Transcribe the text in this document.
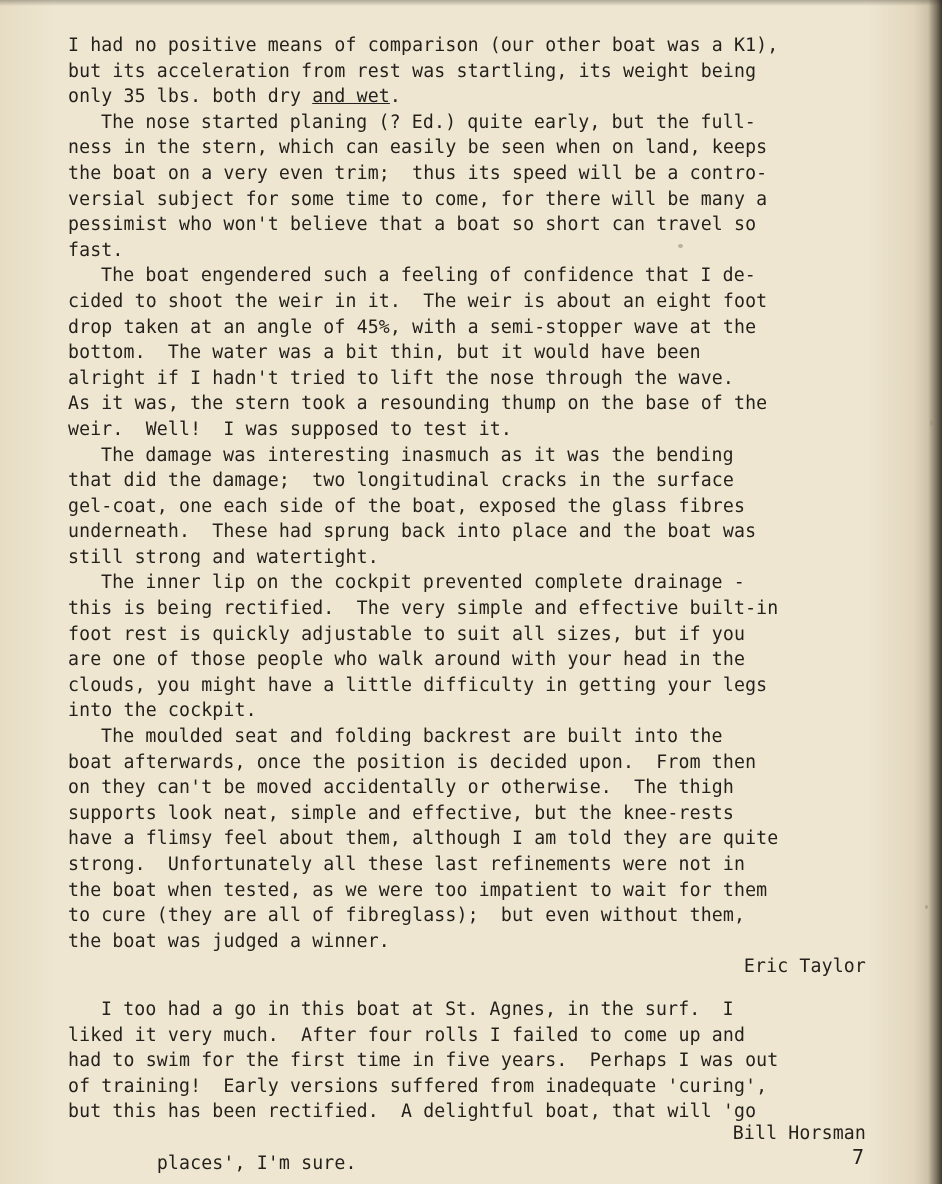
I had no positive means of comparison (our other boat was a K1),
but its acceleration from rest was startling, its weight being
only 35 lbs. both dry and wet.
The nose started planing (? Ed.) quite early, but the full-
ness in the stern, which can easily be seen when on land, keeps
the boat on a very even trim;  thus its speed will be a contro-
versial subject for some time to come, for there will be many a
pessimist who won't believe that a boat so short can travel so
fast.
The boat engendered such a feeling of confidence that I de-
cided to shoot the weir in it.  The weir is about an eight foot
drop taken at an angle of 45%, with a semi-stopper wave at the
bottom.  The water was a bit thin, but it would have been
alright if I hadn't tried to lift the nose through the wave.
As it was, the stern took a resounding thump on the base of the
weir.  Well!  I was supposed to test it.
The damage was interesting inasmuch as it was the bending
that did the damage;  two longitudinal cracks in the surface
gel-coat, one each side of the boat, exposed the glass fibres
underneath.  These had sprung back into place and the boat was
still strong and watertight.
The inner lip on the cockpit prevented complete drainage -
this is being rectified.  The very simple and effective built-in
foot rest is quickly adjustable to suit all sizes, but if you
are one of those people who walk around with your head in the
clouds, you might have a little difficulty in getting your legs
into the cockpit.
The moulded seat and folding backrest are built into the
boat afterwards, once the position is decided upon.  From then
on they can't be moved accidentally or otherwise.  The thigh
supports look neat, simple and effective, but the knee-rests
have a flimsy feel about them, although I am told they are quite
strong.  Unfortunately all these last refinements were not in
the boat when tested, as we were too impatient to wait for them
to cure (they are all of fibreglass);  but even without them,
the boat was judged a winner.
Eric Taylor
I too had a go in this boat at St. Agnes, in the surf.  I
liked it very much.  After four rolls I failed to come up and
had to swim for the first time in five years.  Perhaps I was out
of training!  Early versions suffered from inadequate 'curing',
but this has been rectified.  A delightful boat, that will 'go

places', I'm sure.

Bill Horsman

7
